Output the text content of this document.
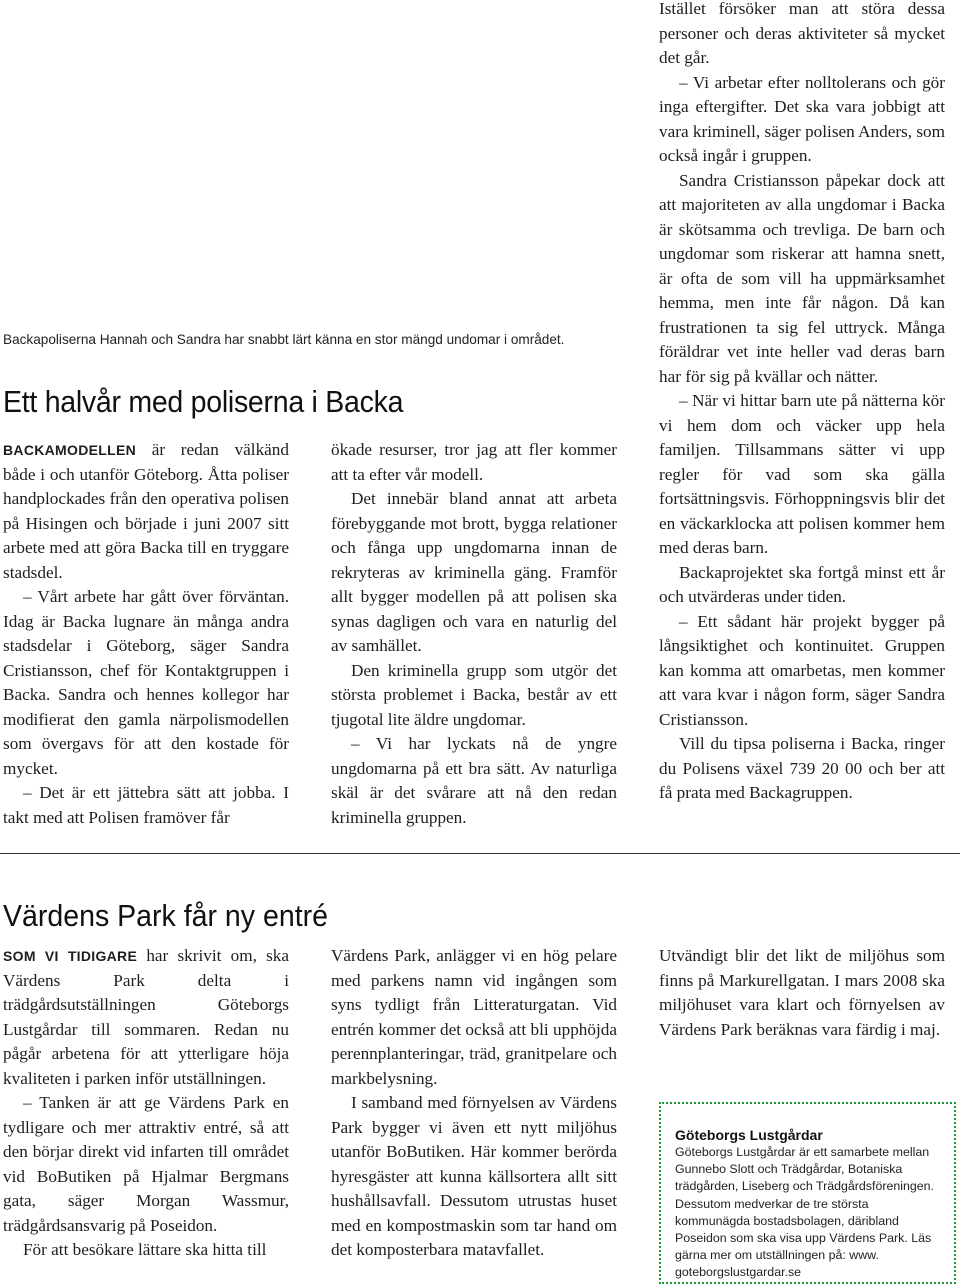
Backapoliserna Hannah och Sandra har snabbt lärt känna en stor mängd undomar i området.
Ett halvår med poliserna i Backa

BACKAMODELLEN är redan välkänd både i och utanför Göteborg. Åtta poliser handplockades från den operativa polisen på Hisingen och började i juni 2007 sitt arbete med att göra Backa till en tryggare stadsdel.

– Vårt arbete har gått över förväntan. Idag är Backa lugnare än många andra stadsdelar i Göteborg, säger Sandra Cristiansson, chef för Kontaktgruppen i Backa. Sandra och hennes kollegor har modifierat den gamla närpolismodellen som övergavs för att den kostade för mycket.

– Det är ett jättebra sätt att jobba. I takt med att Polisen framöver får

ökade resurser, tror jag att fler kommer att ta efter vår modell.

Det innebär bland annat att arbeta förebyggande mot brott, bygga relationer och fånga upp ungdomarna innan de rekryteras av kriminella gäng. Framför allt bygger modellen på att polisen ska synas dagligen och vara en naturlig del av samhället.

Den kriminella grupp som utgör det största problemet i Backa, består av ett tjugotal lite äldre ungdomar.

– Vi har lyckats nå de yngre ungdomarna på ett bra sätt. Av naturliga skäl är det svårare att nå den redan kriminella gruppen.

Istället försöker man att störa dessa personer och deras aktiviteter så mycket det går.

– Vi arbetar efter nolltolerans och gör inga eftergifter. Det ska vara jobbigt att vara kriminell, säger polisen Anders, som också ingår i gruppen.

Sandra Cristiansson påpekar dock att att majoriteten av alla ungdomar i Backa är skötsamma och trevliga. De barn och ungdomar som riskerar att hamna snett, är ofta de som vill ha uppmärksamhet hemma, men inte får någon. Då kan frustrationen ta sig fel uttryck. Många föräldrar vet inte heller vad deras barn har för sig på kvällar och nätter.

– När vi hittar barn ute på nätterna kör vi hem dom och väcker upp hela familjen. Tillsammans sätter vi upp regler för vad som ska gälla fortsättningsvis. Förhoppningsvis blir det en väckarklocka att polisen kommer hem med deras barn.

Backaprojektet ska fortgå minst ett år och utvärderas under tiden.

– Ett sådant här projekt bygger på långsiktighet och kontinuitet. Gruppen kan komma att omarbetas, men kommer att vara kvar i någon form, säger Sandra Cristiansson.

Vill du tipsa poliserna i Backa, ringer du Polisens växel 739 20 00 och ber att få prata med Backagruppen.

Värdens Park får ny entré

SOM VI TIDIGARE har skrivit om, ska Värdens Park delta i trädgårdsutställningen Göteborgs Lustgårdar till sommaren. Redan nu pågår arbetena för att ytterligare höja kvaliteten i parken inför utställningen.

– Tanken är att ge Värdens Park en tydligare och mer attraktiv entré, så att den börjar direkt vid infarten till området vid BoButiken på Hjalmar Bergmans gata, säger Morgan Wassmur, trädgårdsansvarig på Poseidon.

För att besökare lättare ska hitta till

Värdens Park, anlägger vi en hög pelare med parkens namn vid ingången som syns tydligt från Litteraturgatan. Vid entrén kommer det också att bli upphöjda perennplanteringar, träd, granitpelare och markbelysning.

I samband med förnyelsen av Värdens Park bygger vi även ett nytt miljöhus utanför BoButiken. Här kommer berörda hyresgäster att kunna källsortera allt sitt hushållsavfall. Dessutom utrustas huset med en kompostmaskin som tar hand om det komposterbara matavfallet.

Utvändigt blir det likt de miljöhus som finns på Markurellgatan. I mars 2008 ska miljöhuset vara klart och förnyelsen av Värdens Park beräknas vara färdig i maj.

Göteborgs Lustgårdar
Göteborgs Lustgårdar är ett samarbete mellan Gunnebo Slott och Trädgårdar, Botaniska trädgården, Liseberg och Trädgårdsföreningen. Dessutom medverkar de tre största kommunägda bostadsbolagen, däribland Poseidon som ska visa upp Värdens Park. Läs gärna mer om utställningen på: www. goteborgslustgardar.se
